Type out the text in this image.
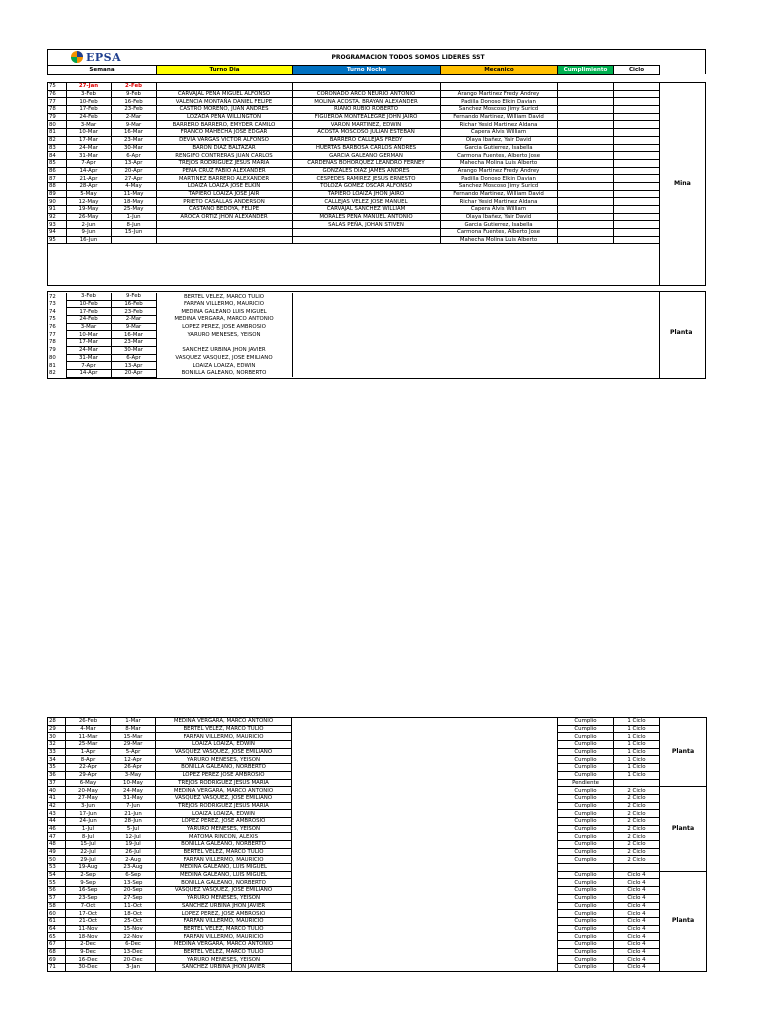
EPSA	PROGRAMACION TODOS SOMOS LIDERES SST
Semana	Turno Dia	Turno Noche	Mecanico	Cumplimiento	Ciclo	
75	27-Jan	2-Feb					
76	3-Feb	9-Feb	CARVAJAL PEÑA MIGUEL ALFONSO	CORONADO ARCO NEURIO ANTONIO	Arango Martinez Fredy Andrey		
77	10-Feb	16-Feb	VALENCIA MONTAÑA DANIEL FELIPE	MOLINA ACOSTA. BRAYAN ALEXANDER	Padilla Donoso Elkin Davian		
78	17-Feb	23-Feb	CASTRO MORENO, JUAN ANDRES	RIAÑO RUBIO ROBERTO	Sanchez Moscoso Jimy Suricd		
79	24-Feb	2-Mar	LOZADA PEÑA WILLINGTON	FIGUEROA MONTEALEGRE JOHN JAIRO	Fernando Martinez, William David		
80	3-Mar	9-Mar	BARRERO BARRERO, EMYDER CAMILO	VARON MARTINEZ, EDWIN	Richar Yesid Martinez Aldana		
81	10-Mar	16-Mar	FRANCO MAHECHA JOSE EDGAR	ACOSTA MOSCOSO JULIAN ESTEBAN	Capera Alvis William		
82	17-Mar	23-Mar	DEVIA VARGAS VICTOR ALFONSO	BARRERO CALLEJAS FREDY	Olaya Ibañez, Yair David		
83	24-Mar	30-Mar	BARON DIAZ BALTAZAR	HUERTAS BARBOSA CARLOS ANDRES	Garcia Gutierrez, Isabella		
84	31-Mar	6-Apr	RENGIFO CONTRERAS JUAN CARLOS	GARCIA GALEANO GERMAN	Carmona Fuentes, Alberto Jose		
85	7-Apr	13-Apr	TREJOS RODRIGUEZ JESUS MARIA	CARDENAS BOHORQUEZ LEANDRO FERNEY	Mahecha Molina Luis Alberto		
86	14-Apr	20-Apr	PEÑA CRUZ FABIO ALEXANDER	GONZALES DIAZ JAMES ANDRES	Arango Martinez Fredy Andrey		
87	21-Apr	27-Apr	MARTINEZ BARRERO ALEXANDER	CESPEDES RAMIREZ JESUS ERNESTO	Padilla Donoso Elkin Davian		
88	28-Apr	4-May	LOAIZA LOAIZA JOSE ELKIN	TOLOZA GOMEZ OSCAR ALFONSO	Sanchez Moscoso Jimy Suricd		
89	5-May	11-May	TAPIERO LOAIZA JOSE JAIR	TAPIERO LOAIZA JHON JAIRO	Fernando Martinez, William David		
90	12-May	18-May	PRIETO CASALLAS ANDERSON	CALLEJAS VELEZ JOSE MANUEL	Richar Yesid Martinez Aldana		
91	19-May	25-May	CASTAÑO BEDOYA, FELIPE	CARVAJAL SANCHEZ WILLIAM	Capera Alvis William		
92	26-May	1-Jun	AROCA ORTIZ JHON ALEXANDER	MORALES PEÑA MANUEL ANTONIO	Olaya Ibañez, Yair David		
93	2-Jun	8-Jun		SALAS PEÑA, JOHAN STIVEN	Garcia Gutierrez, Isabella		
94	9-Jun	15-Jun			Carmona Fuentes, Alberto Jose		
95	16-Jun				Mahecha Molina Luis Alberto		
Mina
72	3-Feb	9-Feb	BERTEL VELEZ, MARCO TULIO				
73	10-Feb	16-Feb	FARFAN VILLERMO, MAURICIO				
74	17-Feb	23-Feb	MEDINA GALEANO LUIS MIGUEL				
75	24-Feb	2-Mar	MEDINA VERGARA, MARCO ANTONIO				
76	3-Mar	9-Mar	LOPEZ PEREZ, JOSE AMBROSIO				
77	10-Mar	16-Mar	YARURO MENESES, YEISON				
78	17-Mar	23-Mar					
79	24-Mar	30-Mar	SANCHEZ URBINA JHON JAVIER				
80	31-Mar	6-Apr	VASQUEZ VASQUEZ, JOSE EMILIANO				
81	7-Apr	13-Apr	LOAIZA LOAIZA, EDWIN				
82	14-Apr	20-Apr	BONILLA GALEANO, NORBERTO				
Planta
28	26-Feb	1-Mar	MEDINA VERGARA, MARCO ANTONIO		Cumplio	1 Ciclo	Planta
29	4-Mar	8-Mar	BERTEL VELEZ, MARCO TULIO		Cumplio	1 Ciclo	
30	11-Mar	15-Mar	FARFAN VILLERMO, MAURICIO		Cumplio	1 Ciclo	
32	25-Mar	29-Mar	LOAIZA LOAIZA, EDWIN		Cumplio	1 Ciclo	
33	1-Apr	5-Apr	VASQUEZ VASQUEZ, JOSE EMILIANO		Cumplio	1 Ciclo	
34	8-Apr	12-Apr	YARURO MENESES, YEISON		Cumplio	1 Ciclo	
35	22-Apr	26-Apr	BONILLA GALEANO, NORBERTO		Cumplio	1 Ciclo	
36	29-Apr	3-May	LOPEZ PEREZ JOSE AMBROSIO		Cumplio	1 Ciclo	
37	6-May	10-May	TREJOS RODRIGUEZ JESUS MARIA		Pendiente		
40	20-May	24-May	MEDINA VERGARA, MARCO ANTONIO		Cumplio	2 Ciclo	Planta
41	27-May	31-May	VASQUEZ VASQUEZ, JOSE EMILIANO		Cumplio	2 Ciclo	
42	3-Jun	7-Jun	TREJOS RODRIGUEZ JESUS MARIA		Cumplio	2 Ciclo	
43	17-Jun	21-Jun	LOAIZA LOAIZA, EDWIN		Cumplio	2 Ciclo	
44	24-Jun	28-Jun	LOPEZ PEREZ, JOSE AMBROSIO		Cumplio	2 Ciclo	
46	1-Jul	5-Jul	YARURO MENESES, YEISON		Cumplio	2 Ciclo	
47	8-Jul	12-Jul	MATOMA RINCON, ALEXIS		Cumplio	2 Ciclo	
48	15-Jul	19-Jul	BONILLA GALEANO, NORBERTO		Cumplio	2 Ciclo	
49	22-Jul	26-Jul	BERTEL VELEZ, MARCO TULIO		Cumplio	2 Ciclo	
50	29-Jul	2-Aug	FARFAN VILLERMO, MAURICIO		Cumplio	2 Ciclo	
53	19-Aug	23-Aug	MEDINA GALEANO, LUIS MIGUEL				
54	2-Sep	6-Sep	MEDINA GALEANO, LUIS MIGUEL		Cumplio	Ciclo 4	Planta
55	9-Sep	13-Sep	BONILLA GALEANO, NORBERTO		Cumplio	Ciclo 4	
56	16-Sep	20-Sep	VASQUEZ VASQUEZ, JOSE EMILIANO		Cumplio	Ciclo 4	
57	23-Sep	27-Sep	YARURO MENESES, YEISON		Cumplio	Ciclo 4	
58	7-Oct	11-Oct	SANCHEZ URBINA JHON JAVIER		Cumplio	Ciclo 4	
60	17-Oct	18-Oct	LOPEZ PEREZ, JOSE AMBROSIO		Cumplio	Ciclo 4	
61	21-Oct	25-Oct	FARFAN VILLERMO, MAURICIO		Cumplio	Ciclo 4	
64	11-Nov	15-Nov	BERTEL VELEZ, MARCO TULIO		Cumplio	Ciclo 4	
65	18-Nov	22-Nov	FARFAN VILLERMO, MAURICIO		Cumplio	Ciclo 4	
67	2-Dec	6-Dec	MEDINA VERGARA, MARCO ANTONIO		Cumplio	Ciclo 4	
68	9-Dec	13-Dec	BERTEL VELEZ, MARCO TULIO		Cumplio	Ciclo 4	
69	16-Dec	20-Dec	YARURO MENESES, YEISON		Cumplio	Ciclo 4	
71	30-Dec	3-Jan	SANCHEZ URBINA JHON JAVIER		Cumplio	Ciclo 4	
